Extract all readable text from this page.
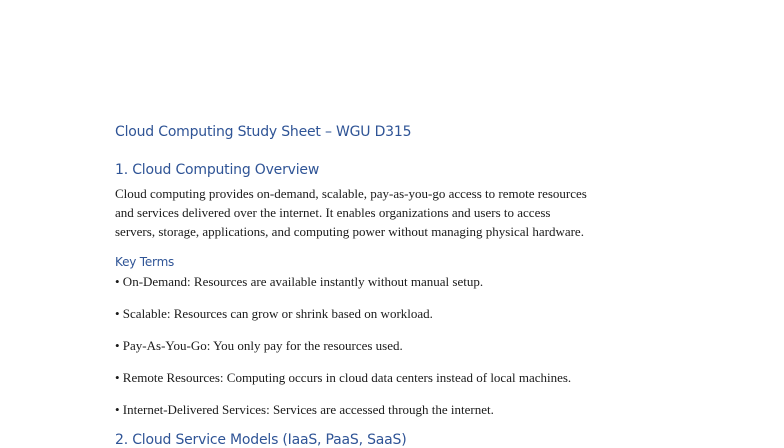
Cloud Computing Study Sheet – WGU D315
1. Cloud Computing Overview
Cloud computing provides on-demand, scalable, pay-as-you-go access to remote resources
and services delivered over the internet. It enables organizations and users to access
servers, storage, applications, and computing power without managing physical hardware.
Key Terms
• On-Demand: Resources are available instantly without manual setup.
• Scalable: Resources can grow or shrink based on workload.
• Pay-As-You-Go: You only pay for the resources used.
• Remote Resources: Computing occurs in cloud data centers instead of local machines.
• Internet-Delivered Services: Services are accessed through the internet.
2. Cloud Service Models (IaaS, PaaS, SaaS)
